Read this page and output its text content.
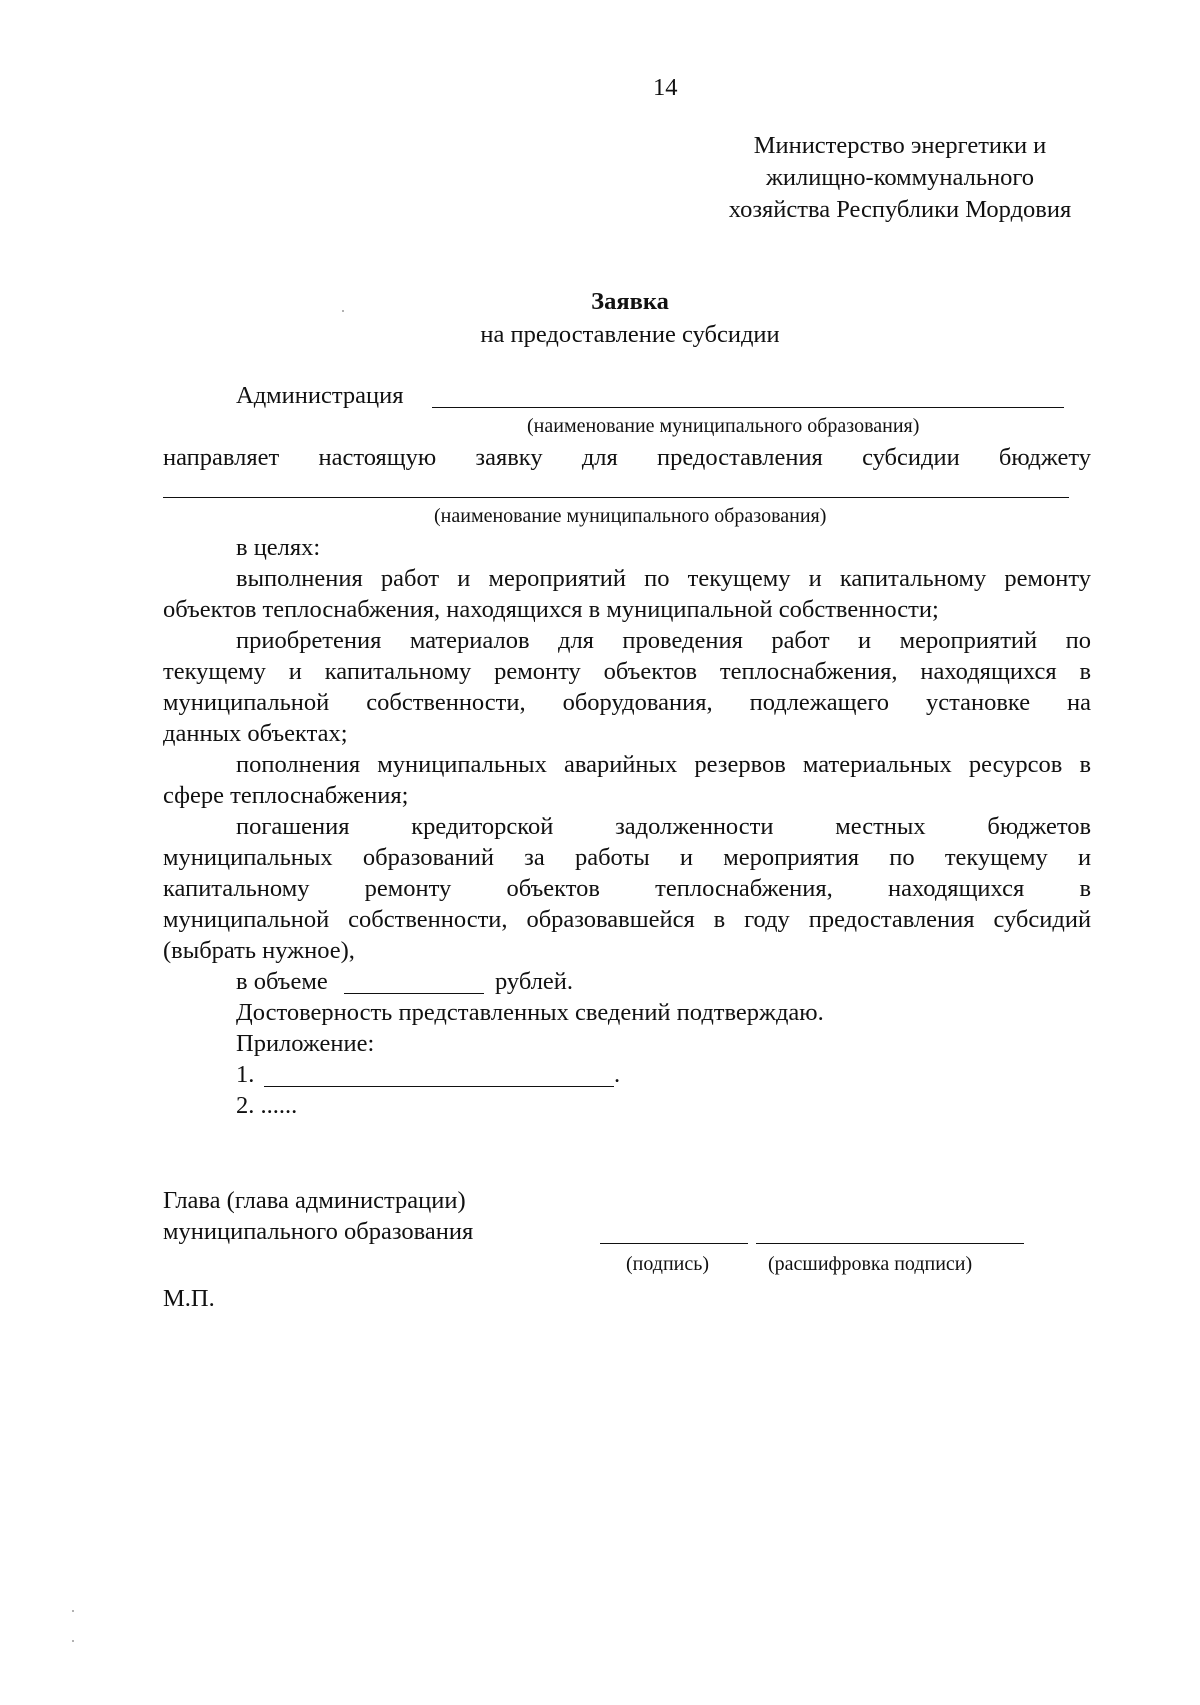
14
Министерство энергетики и
жилищно-коммунального
хозяйства Республики Мордовия
Заявка
на предоставление субсидии
Администрация
(наименование муниципального образования)
направляет настоящую заявку для предоставления субсидии бюджету
(наименование муниципального образования)
в целях:
выполнения работ и мероприятий по текущему и капитальному ремонту
объектов теплоснабжения, находящихся в муниципальной собственности;
приобретения материалов для проведения работ и мероприятий по
текущему и капитальному ремонту объектов теплоснабжения, находящихся в
муниципальной собственности, оборудования, подлежащего установке на
данных объектах;
пополнения муниципальных аварийных резервов материальных ресурсов в
сфере теплоснабжения;
погашения	кредиторской	задолженности	местных	бюджетов
муниципальных образований за работы и мероприятия по текущему и
капитальному ремонту объектов теплоснабжения, находящихся в
муниципальной собственности, образовавшейся в году предоставления субсидий
(выбрать нужное),
в объеме	рублей.
Достоверность представленных сведений подтверждаю.
Приложение:
1.	.
2. ......
Глава (глава администрации)
муниципального образования
(подпись)	(расшифровка подписи)
М.П.
